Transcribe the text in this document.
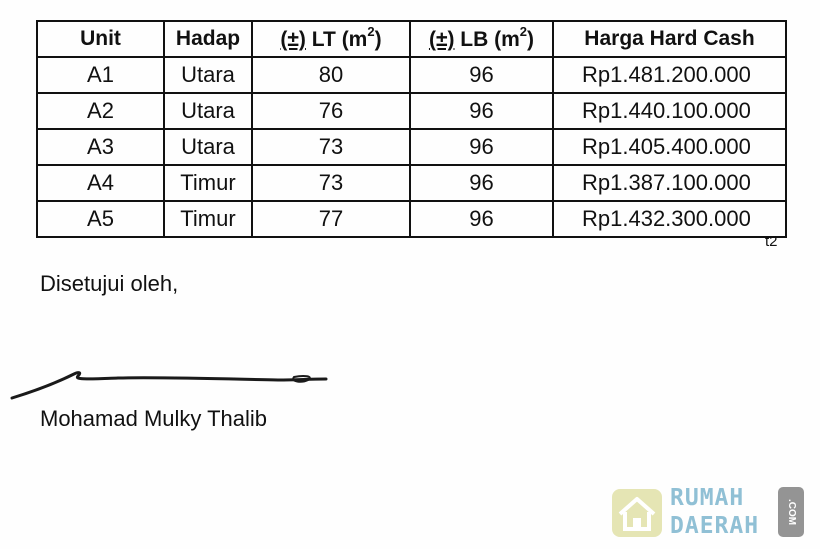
Unit	Hadap	(±) LT $(m^2)$	(±) LB $(m^2)$	Harga Hard Cash
A1	Utara	80	96	Rp1.481.200.000
A2	Utara	76	96	Rp1.440.100.000
A3	Utara	73	96	Rp1.405.400.000
A4	Timur	73	96	Rp1.387.100.000
A5	Timur	77	96	Rp1.432.300.000
t2
Disetujui oleh,
Mohamad Mulky Thalib
RUMAH
DAERAH
.COM
